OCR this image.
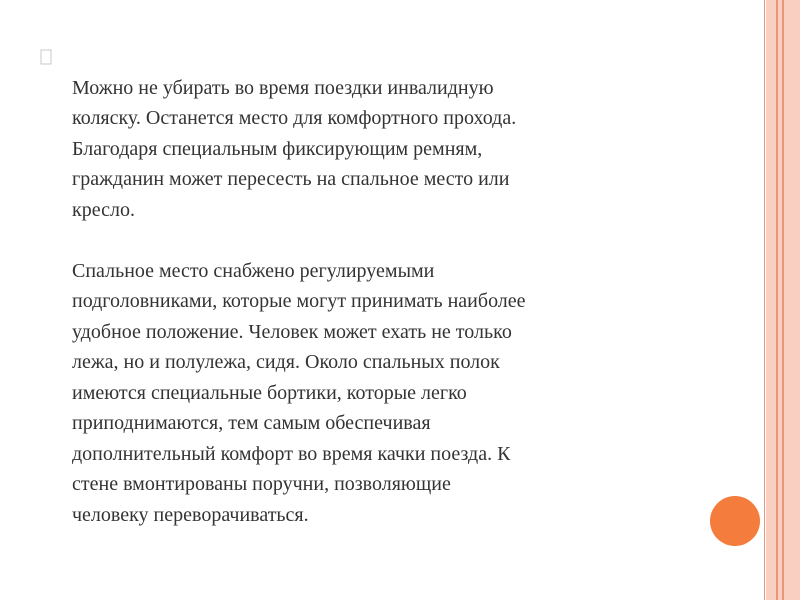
Можно не убирать во время поездки инвалидную
коляску. Останется место для комфортного прохода.
Благодаря специальным фиксирующим ремням,
гражданин может пересесть на спальное место или
кресло.

Спальное место снабжено регулируемыми
подголовниками, которые могут принимать наиболее
удобное положение. Человек может ехать не только
лежа, но и полулежа, сидя. Около спальных полок
имеются специальные бортики, которые легко
приподнимаются, тем самым обеспечивая
дополнительный комфорт во время качки поезда. К
стене вмонтированы поручни, позволяющие
человеку переворачиваться.
